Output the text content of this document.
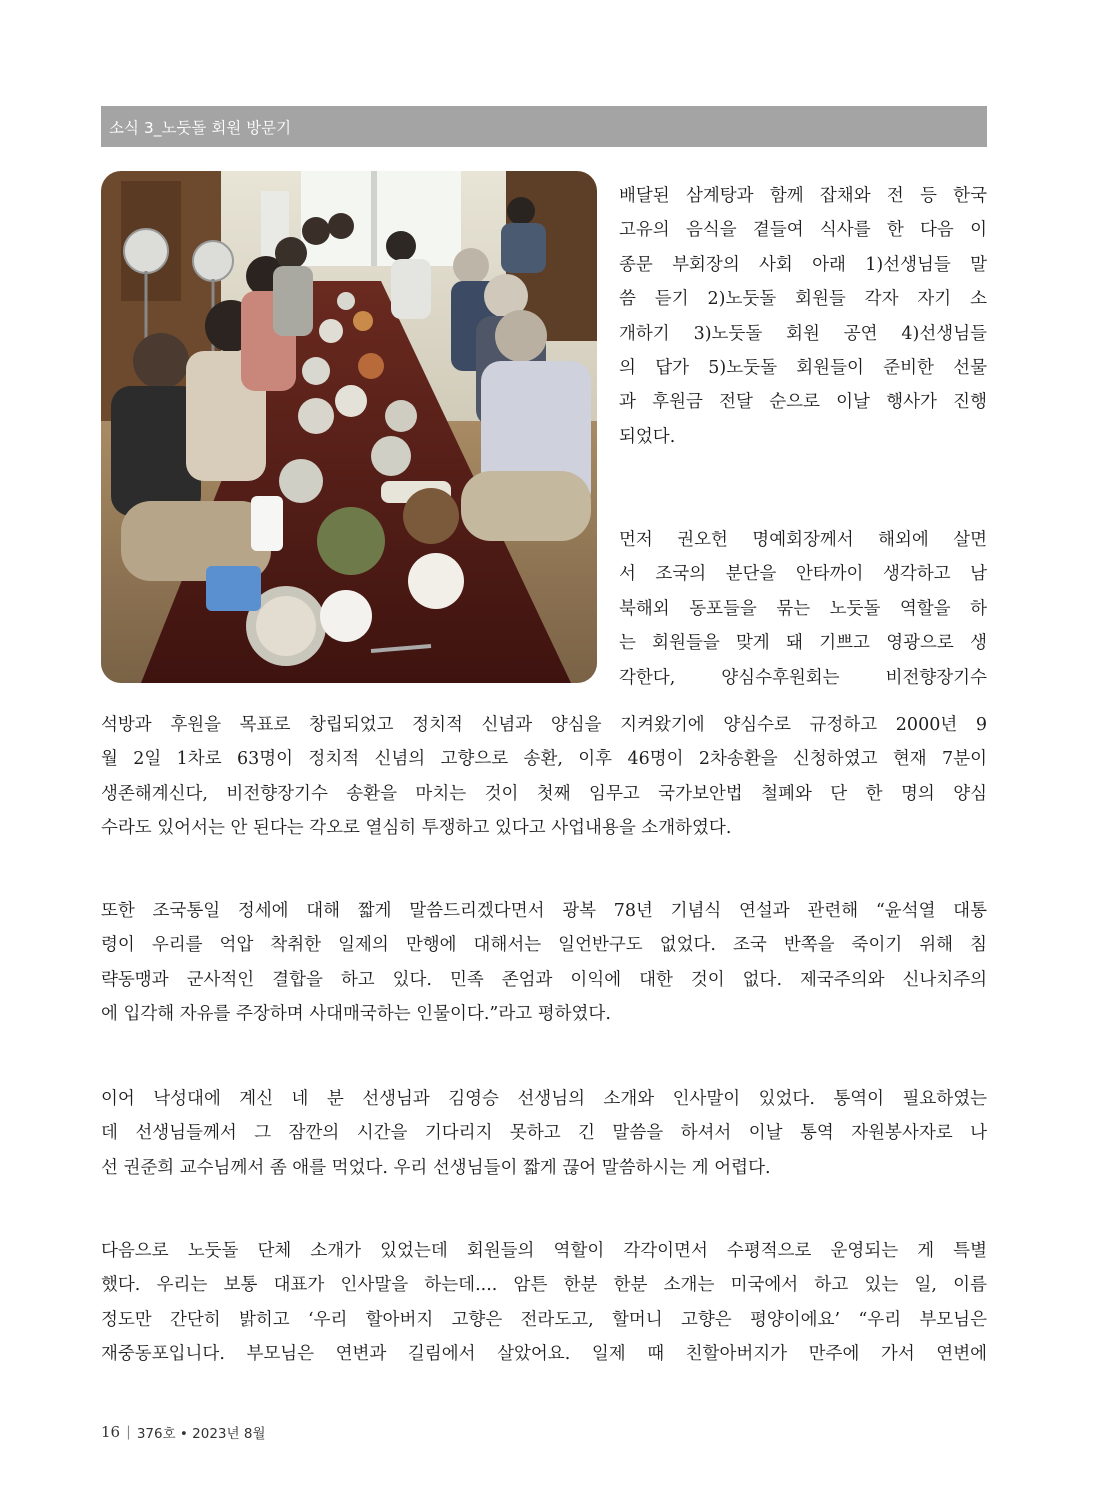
소식 3_노둣돌 회원 방문기

배달된 삼계탕과 함께 잡채와 전 등 한국
고유의 음식을 곁들여 식사를 한 다음 이
종문 부회장의 사회 아래 1)선생님들 말
씀 듣기 2)노둣돌 회원들 각자 자기 소
개하기 3)노둣돌 회원 공연 4)선생님들
의 답가 5)노둣돌 회원들이 준비한 선물
과 후원금 전달 순으로 이날 행사가 진행
되었다.

먼저 권오헌 명예회장께서 해외에 살면
서 조국의 분단을 안타까이 생각하고 남
북해외 동포들을 묶는 노둣돌 역할을 하
는 회원들을 맞게 돼 기쁘고 영광으로 생
각한다, 양심수후원회는 비전향장기수

석방과 후원을 목표로 창립되었고 정치적 신념과 양심을 지켜왔기에 양심수로 규정하고 2000년 9
월 2일 1차로 63명이 정치적 신념의 고향으로 송환, 이후 46명이 2차송환을 신청하였고 현재 7분이
생존해계신다, 비전향장기수 송환을 마치는 것이 첫째 임무고 국가보안법 철폐와 단 한 명의 양심
수라도 있어서는 안 된다는 각오로 열심히 투쟁하고 있다고 사업내용을 소개하였다.

또한 조국통일 정세에 대해 짧게 말씀드리겠다면서 광복 78년 기념식 연설과 관련해 “윤석열 대통
령이 우리를 억압 착취한 일제의 만행에 대해서는 일언반구도 없었다. 조국 반쪽을 죽이기 위해 침
략동맹과 군사적인 결합을 하고 있다. 민족 존엄과 이익에 대한 것이 없다. 제국주의와 신나치주의
에 입각해 자유를 주장하며 사대매국하는 인물이다.”라고 평하였다.

이어 낙성대에 계신 네 분 선생님과 김영승 선생님의 소개와 인사말이 있었다. 통역이 필요하였는
데 선생님들께서 그 잠깐의 시간을 기다리지 못하고 긴 말씀을 하셔서 이날 통역 자원봉사자로 나
선 권준희 교수님께서 좀 애를 먹었다. 우리 선생님들이 짧게 끊어 말씀하시는 게 어렵다.

다음으로 노둣돌 단체 소개가 있었는데 회원들의 역할이 각각이면서 수평적으로 운영되는 게 특별
했다. 우리는 보통 대표가 인사말을 하는데.... 암튼 한분 한분 소개는 미국에서 하고 있는 일, 이름
정도만 간단히 밝히고 ‘우리 할아버지 고향은 전라도고, 할머니 고향은 평양이에요’ “우리 부모님은
재중동포입니다. 부모님은 연변과 길림에서 살았어요. 일제 때 친할아버지가 만주에 가서 연변에

16 | 376호 • 2023년 8월
